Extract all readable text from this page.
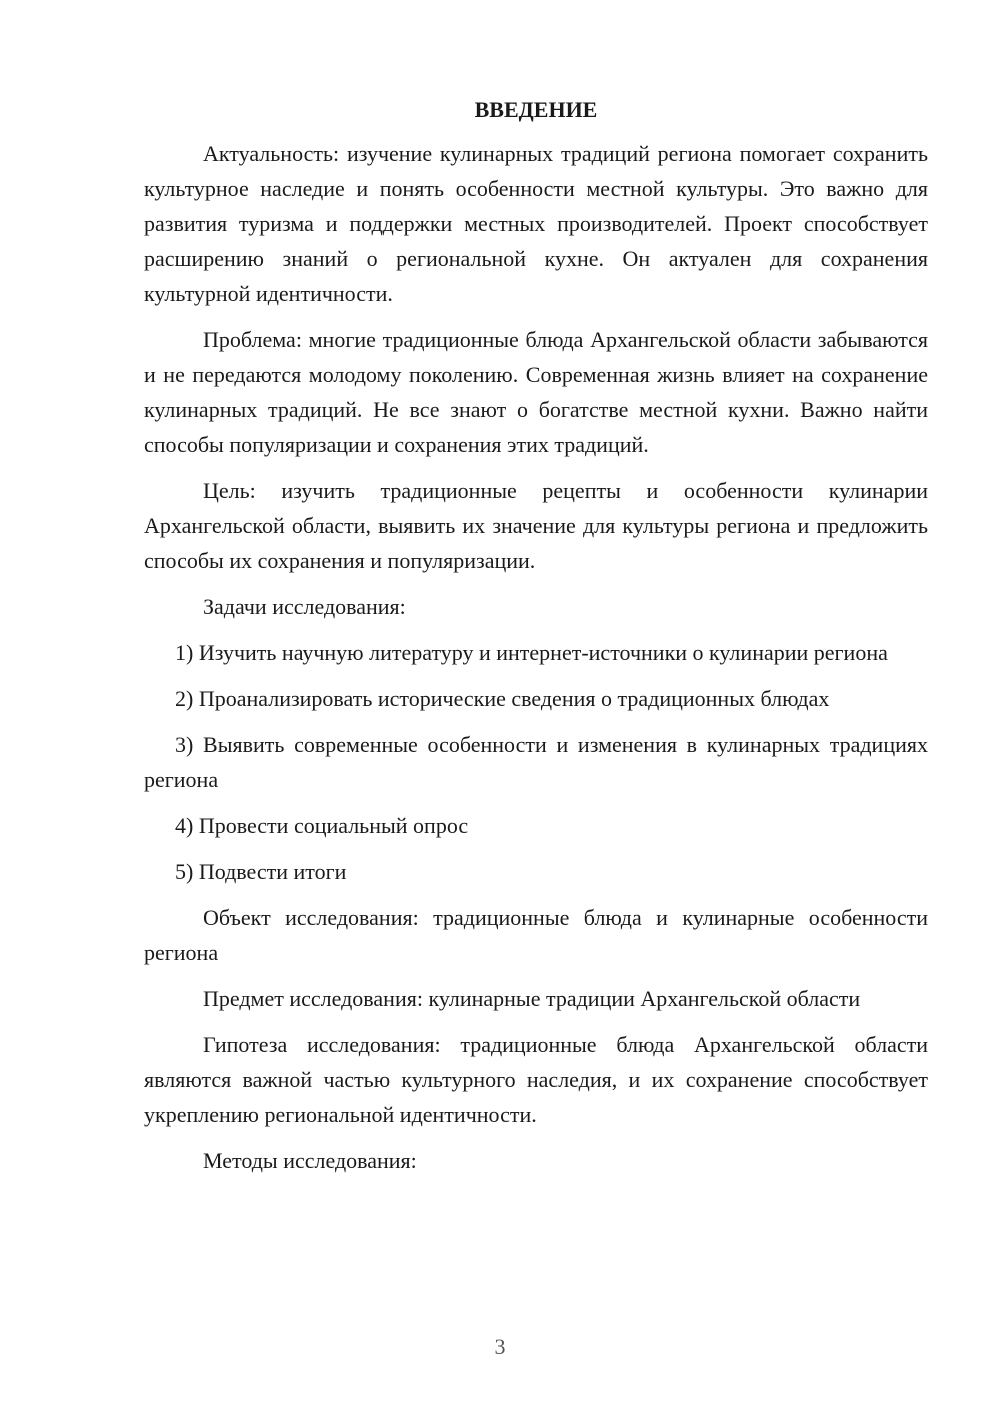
ВВЕДЕНИЕ

Актуальность: изучение кулинарных традиций региона помогает сохранить культурное наследие и понять особенности местной культуры. Это важно для развития туризма и поддержки местных производителей. Проект способствует расширению знаний о региональной кухне. Он актуален для сохранения культурной идентичности.

Проблема: многие традиционные блюда Архангельской области забываются и не передаются молодому поколению. Современная жизнь влияет на сохранение кулинарных традиций. Не все знают о богатстве местной кухни. Важно найти способы популяризации и сохранения этих традиций.

Цель: изучить традиционные рецепты и особенности кулинарии Архангельской области, выявить их значение для культуры региона и предложить способы их сохранения и популяризации.

Задачи исследования:

1) Изучить научную литературу и интернет-источники о кулинарии региона

2) Проанализировать исторические сведения о традиционных блюдах

3) Выявить современные особенности и изменения в кулинарных традициях региона

4) Провести социальный опрос

5) Подвести итоги

Объект исследования: традиционные блюда и кулинарные особенности региона

Предмет исследования: кулинарные традиции Архангельской области

Гипотеза исследования: традиционные блюда Архангельской области являются важной частью культурного наследия, и их сохранение способствует укреплению региональной идентичности.

Методы исследования:

3
